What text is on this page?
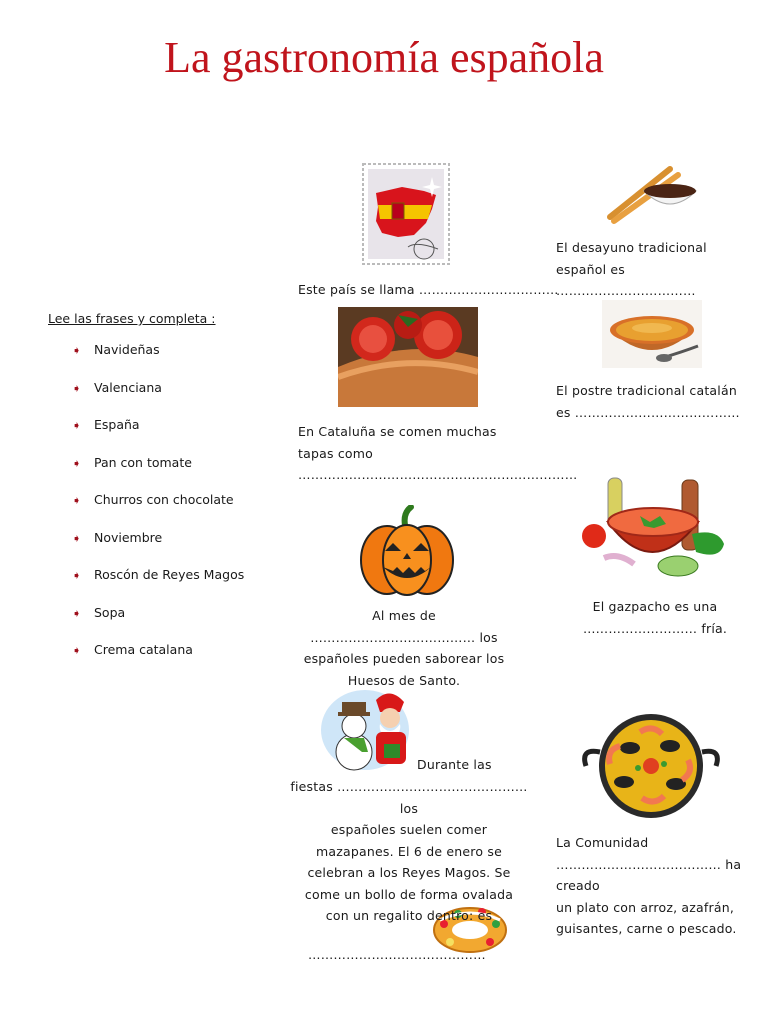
La gastronomía española
Lee las frases y completa :
➧	Navideñas
➧	Valenciana
➧	España
➧	Pan con tomate
➧	Churros con chocolate
➧	Noviembre
➧	Roscón de Reyes Magos
➧	Sopa
➧	Crema catalana
Este país se llama ……………………………
En Cataluña se comen muchas
tapas como
…………………………………………………………
Al mes de ………………………………… los
españoles pueden saborear los
Huesos de Santo.
Durante las
fiestas ……………………………………… los
españoles suelen comer
mazapanes. El 6 de enero se
celebran a los Reyes Magos. Se
come un bollo de forma ovalada
con un regalito dentro: es
……………………………………
El desayuno tradicional
español es ……………………………
El postre tradicional catalán
es …………………………………
El gazpacho es una
……………………… fría.
La Comunidad
………………………………… ha creado
un plato con arroz, azafrán,
guisantes, carne o pescado.
